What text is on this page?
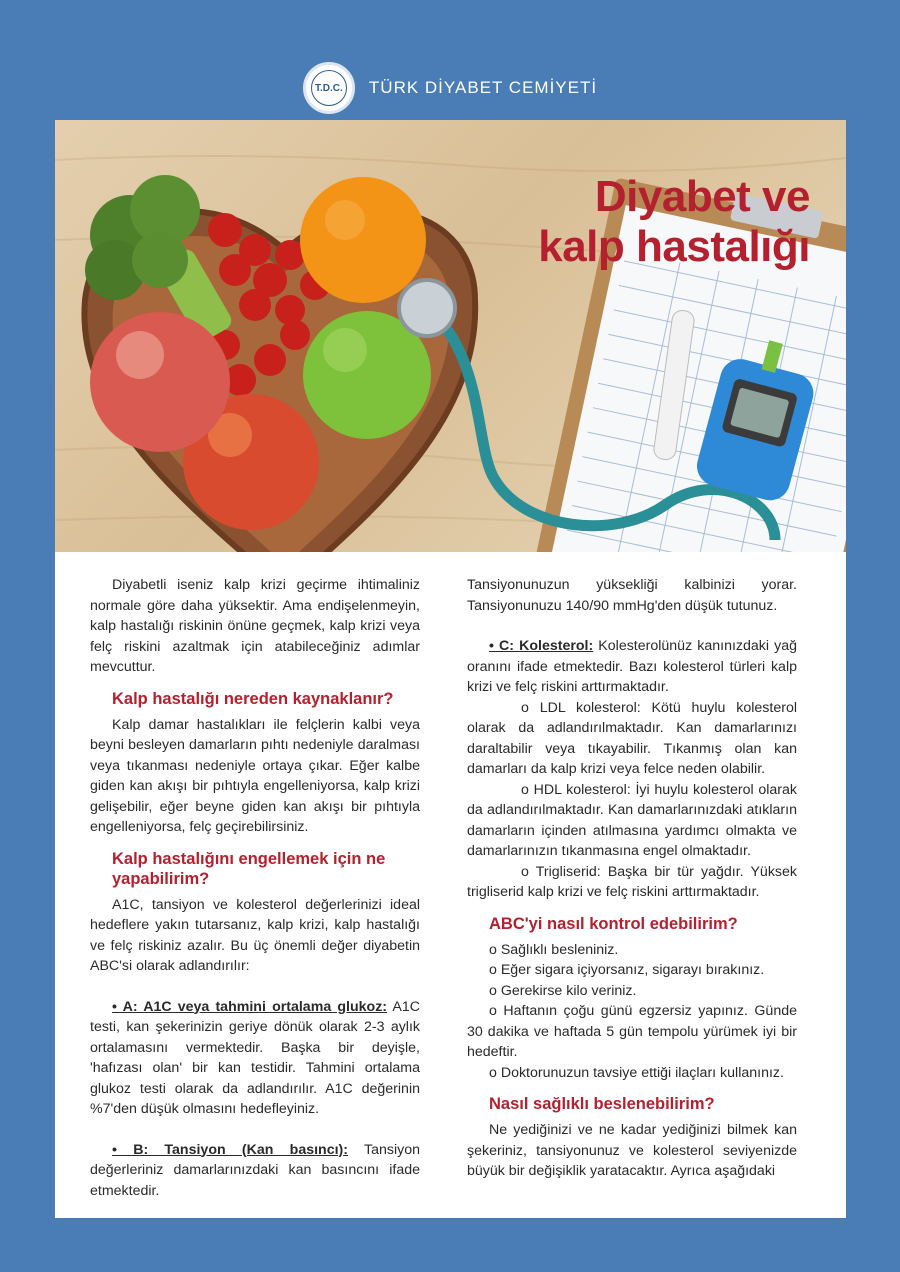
T.D.C. TÜRK DİYABET CEMİYETİ
Diyabet ve
kalp hastalığı

Diyabetli iseniz kalp krizi geçirme ihtimaliniz normale göre daha yüksektir. Ama endişelenmeyin, kalp hastalığı riskinin önüne geçmek, kalp krizi veya felç riskini azaltmak için atabileceğiniz adımlar mevcuttur.

Kalp hastalığı nereden kaynaklanır?

Kalp damar hastalıkları ile felçlerin kalbi veya beyni besleyen damarların pıhtı nedeniyle daralması veya tıkanması nedeniyle ortaya çıkar. Eğer kalbe giden kan akışı bir pıhtıyla engelleniyorsa, kalp krizi gelişebilir, eğer beyne giden kan akışı bir pıhtıyla engelleniyorsa, felç geçirebilirsiniz.

Kalp hastalığını engellemek için ne yapabilirim?

A1C, tansiyon ve kolesterol değerlerinizi ideal hedeflere yakın tutarsanız, kalp krizi, kalp hastalığı ve felç riskiniz azalır. Bu üç önemli değer diyabetin ABC'si olarak adlandırılır:

• A: A1C veya tahmini ortalama glukoz: A1C testi, kan şekerinizin geriye dönük olarak 2-3 aylık ortalamasını vermektedir. Başka bir deyişle, 'hafızası olan' bir kan testidir. Tahmini ortalama glukoz testi olarak da adlandırılır. A1C değerinin %7'den düşük olmasını hedefleyiniz.

• B: Tansiyon (Kan basıncı): Tansiyon değerleriniz damarlarınızdaki kan basıncını ifade etmektedir.

Tansiyonunuzun yüksekliği kalbinizi yorar. Tansiyonunuzu 140/90 mmHg'den düşük tutunuz.

• C: Kolesterol: Kolesterolünüz kanınızdaki yağ oranını ifade etmektedir. Bazı kolesterol türleri kalp krizi ve felç riskini arttırmaktadır.

o LDL kolesterol: Kötü huylu kolesterol olarak da adlandırılmaktadır. Kan damarlarınızı daraltabilir veya tıkayabilir. Tıkanmış olan kan damarları da kalp krizi veya felce neden olabilir.

o HDL kolesterol: İyi huylu kolesterol olarak da adlandırılmaktadır. Kan damarlarınızdaki atıkların damarların içinden atılmasına yardımcı olmakta ve damarlarınızın tıkanmasına engel olmaktadır.

o Trigliserid: Başka bir tür yağdır. Yüksek trigliserid kalp krizi ve felç riskini arttırmaktadır.

ABC'yi nasıl kontrol edebilirim?

o Sağlıklı besleniniz.

o Eğer sigara içiyorsanız, sigarayı bırakınız.

o Gerekirse kilo veriniz.

o Haftanın çoğu günü egzersiz yapınız. Günde 30 dakika ve haftada 5 gün tempolu yürümek iyi bir hedeftir.

o Doktorunuzun tavsiye ettiği ilaçları kullanınız.

Nasıl sağlıklı beslenebilirim?

Ne yediğinizi ve ne kadar yediğinizi bilmek kan şekeriniz, tansiyonunuz ve kolesterol seviyenizde büyük bir değişiklik yaratacaktır. Ayrıca aşağıdaki
